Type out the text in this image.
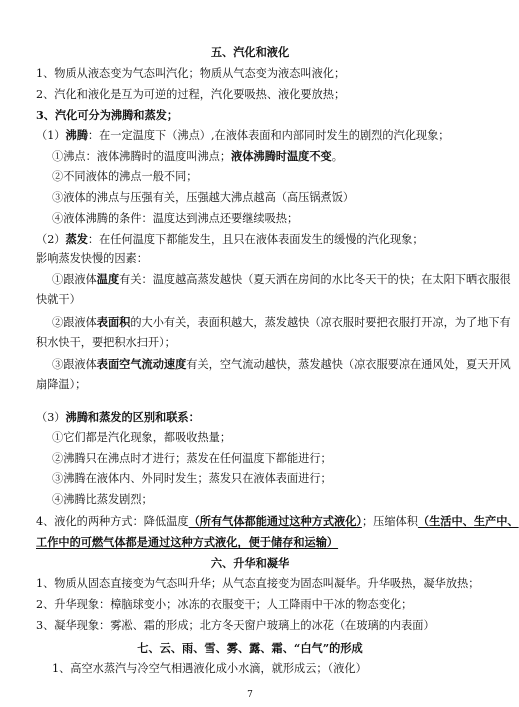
五、汽化和液化
1、物质从液态变为气态叫汽化；物质从气态变为液态叫液化；
2、汽化和液化是互为可逆的过程，汽化要吸热、液化要放热；
3、汽化可分为沸腾和蒸发；
（1）沸腾：在一定温度下（沸点）,在液体表面和内部同时发生的剧烈的汽化现象；
①沸点：液体沸腾时的温度叫沸点；液体沸腾时温度不变。
②不同液体的沸点一般不同；
③液体的沸点与压强有关，压强越大沸点越高（高压锅煮饭）
④液体沸腾的条件：温度达到沸点还要继续吸热；
（2）蒸发：在任何温度下都能发生，且只在液体表面发生的缓慢的汽化现象；
影响蒸发快慢的因素：
①跟液体温度有关：温度越高蒸发越快（夏天洒在房间的水比冬天干的快；在太阳下晒衣服很
快就干）
②跟液体表面积的大小有关，表面积越大，蒸发越快（凉衣服时要把衣服打开凉，为了地下有
积水快干，要把积水扫开）；
③跟液体表面空气流动速度有关，空气流动越快，蒸发越快（凉衣服要凉在通风处，夏天开风
扇降温）；
（3）沸腾和蒸发的区别和联系：
①它们都是汽化现象，都吸收热量；
②沸腾只在沸点时才进行；蒸发在任何温度下都能进行；
③沸腾在液体内、外同时发生；蒸发只在液体表面进行；
④沸腾比蒸发剧烈；
4、液化的两种方式：降低温度（所有气体都能通过这种方式液化）；压缩体积（生活中、生产中、
工作中的可燃气体都是通过这种方式液化，便于储存和运输）
六、升华和凝华
1、物质从固态直接变为气态叫升华；从气态直接变为固态叫凝华。升华吸热，凝华放热；
2、升华现象：樟脑球变小；冰冻的衣服变干；人工降雨中干冰的物态变化；
3、凝华现象：雾凇、霜的形成；北方冬天窗户玻璃上的冰花（在玻璃的内表面）
七、云、雨、雪、雾、露、霜、“白气”的形成
1、高空水蒸汽与冷空气相遇液化成小水滴，就形成云；（液化）
7
